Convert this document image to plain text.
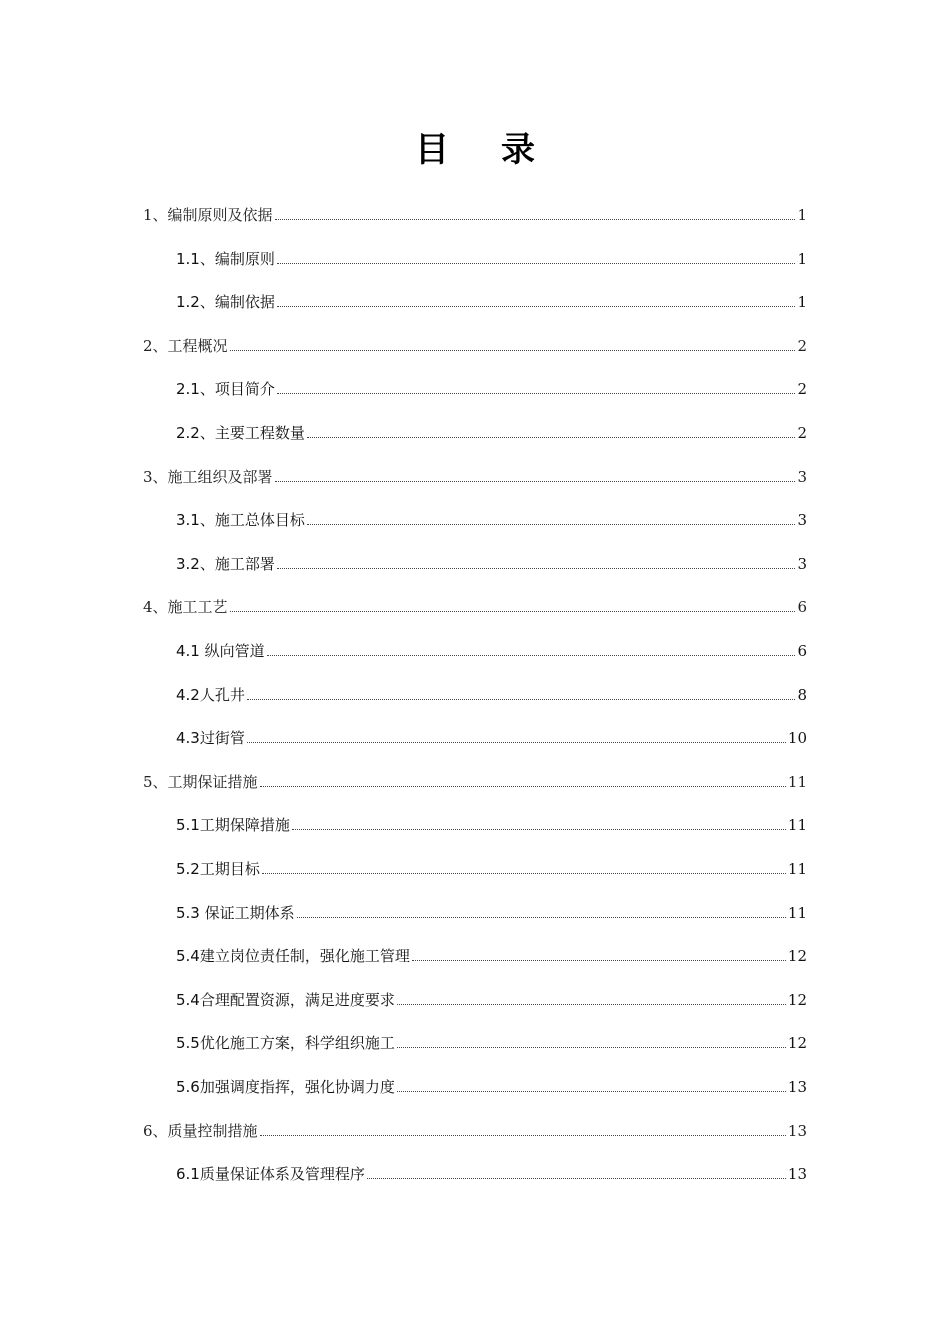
目 录
1、编制原则及依据	1
1.1、编制原则	1
1.2、编制依据	1
2、工程概况	2
2.1、项目简介	2
2.2、主要工程数量	2
3、施工组织及部署	3
3.1、施工总体目标	3
3.2、施工部署	3
4、施工工艺	6
4.1 纵向管道	6
4.2人孔井	8
4.3过街管	10
5、工期保证措施	11
5.1工期保障措施	11
5.2工期目标	11
5.3 保证工期体系	11
5.4建立岗位责任制，强化施工管理	12
5.4合理配置资源，满足进度要求	12
5.5优化施工方案，科学组织施工	12
5.6加强调度指挥，强化协调力度	13
6、质量控制措施	13
6.1质量保证体系及管理程序	13
